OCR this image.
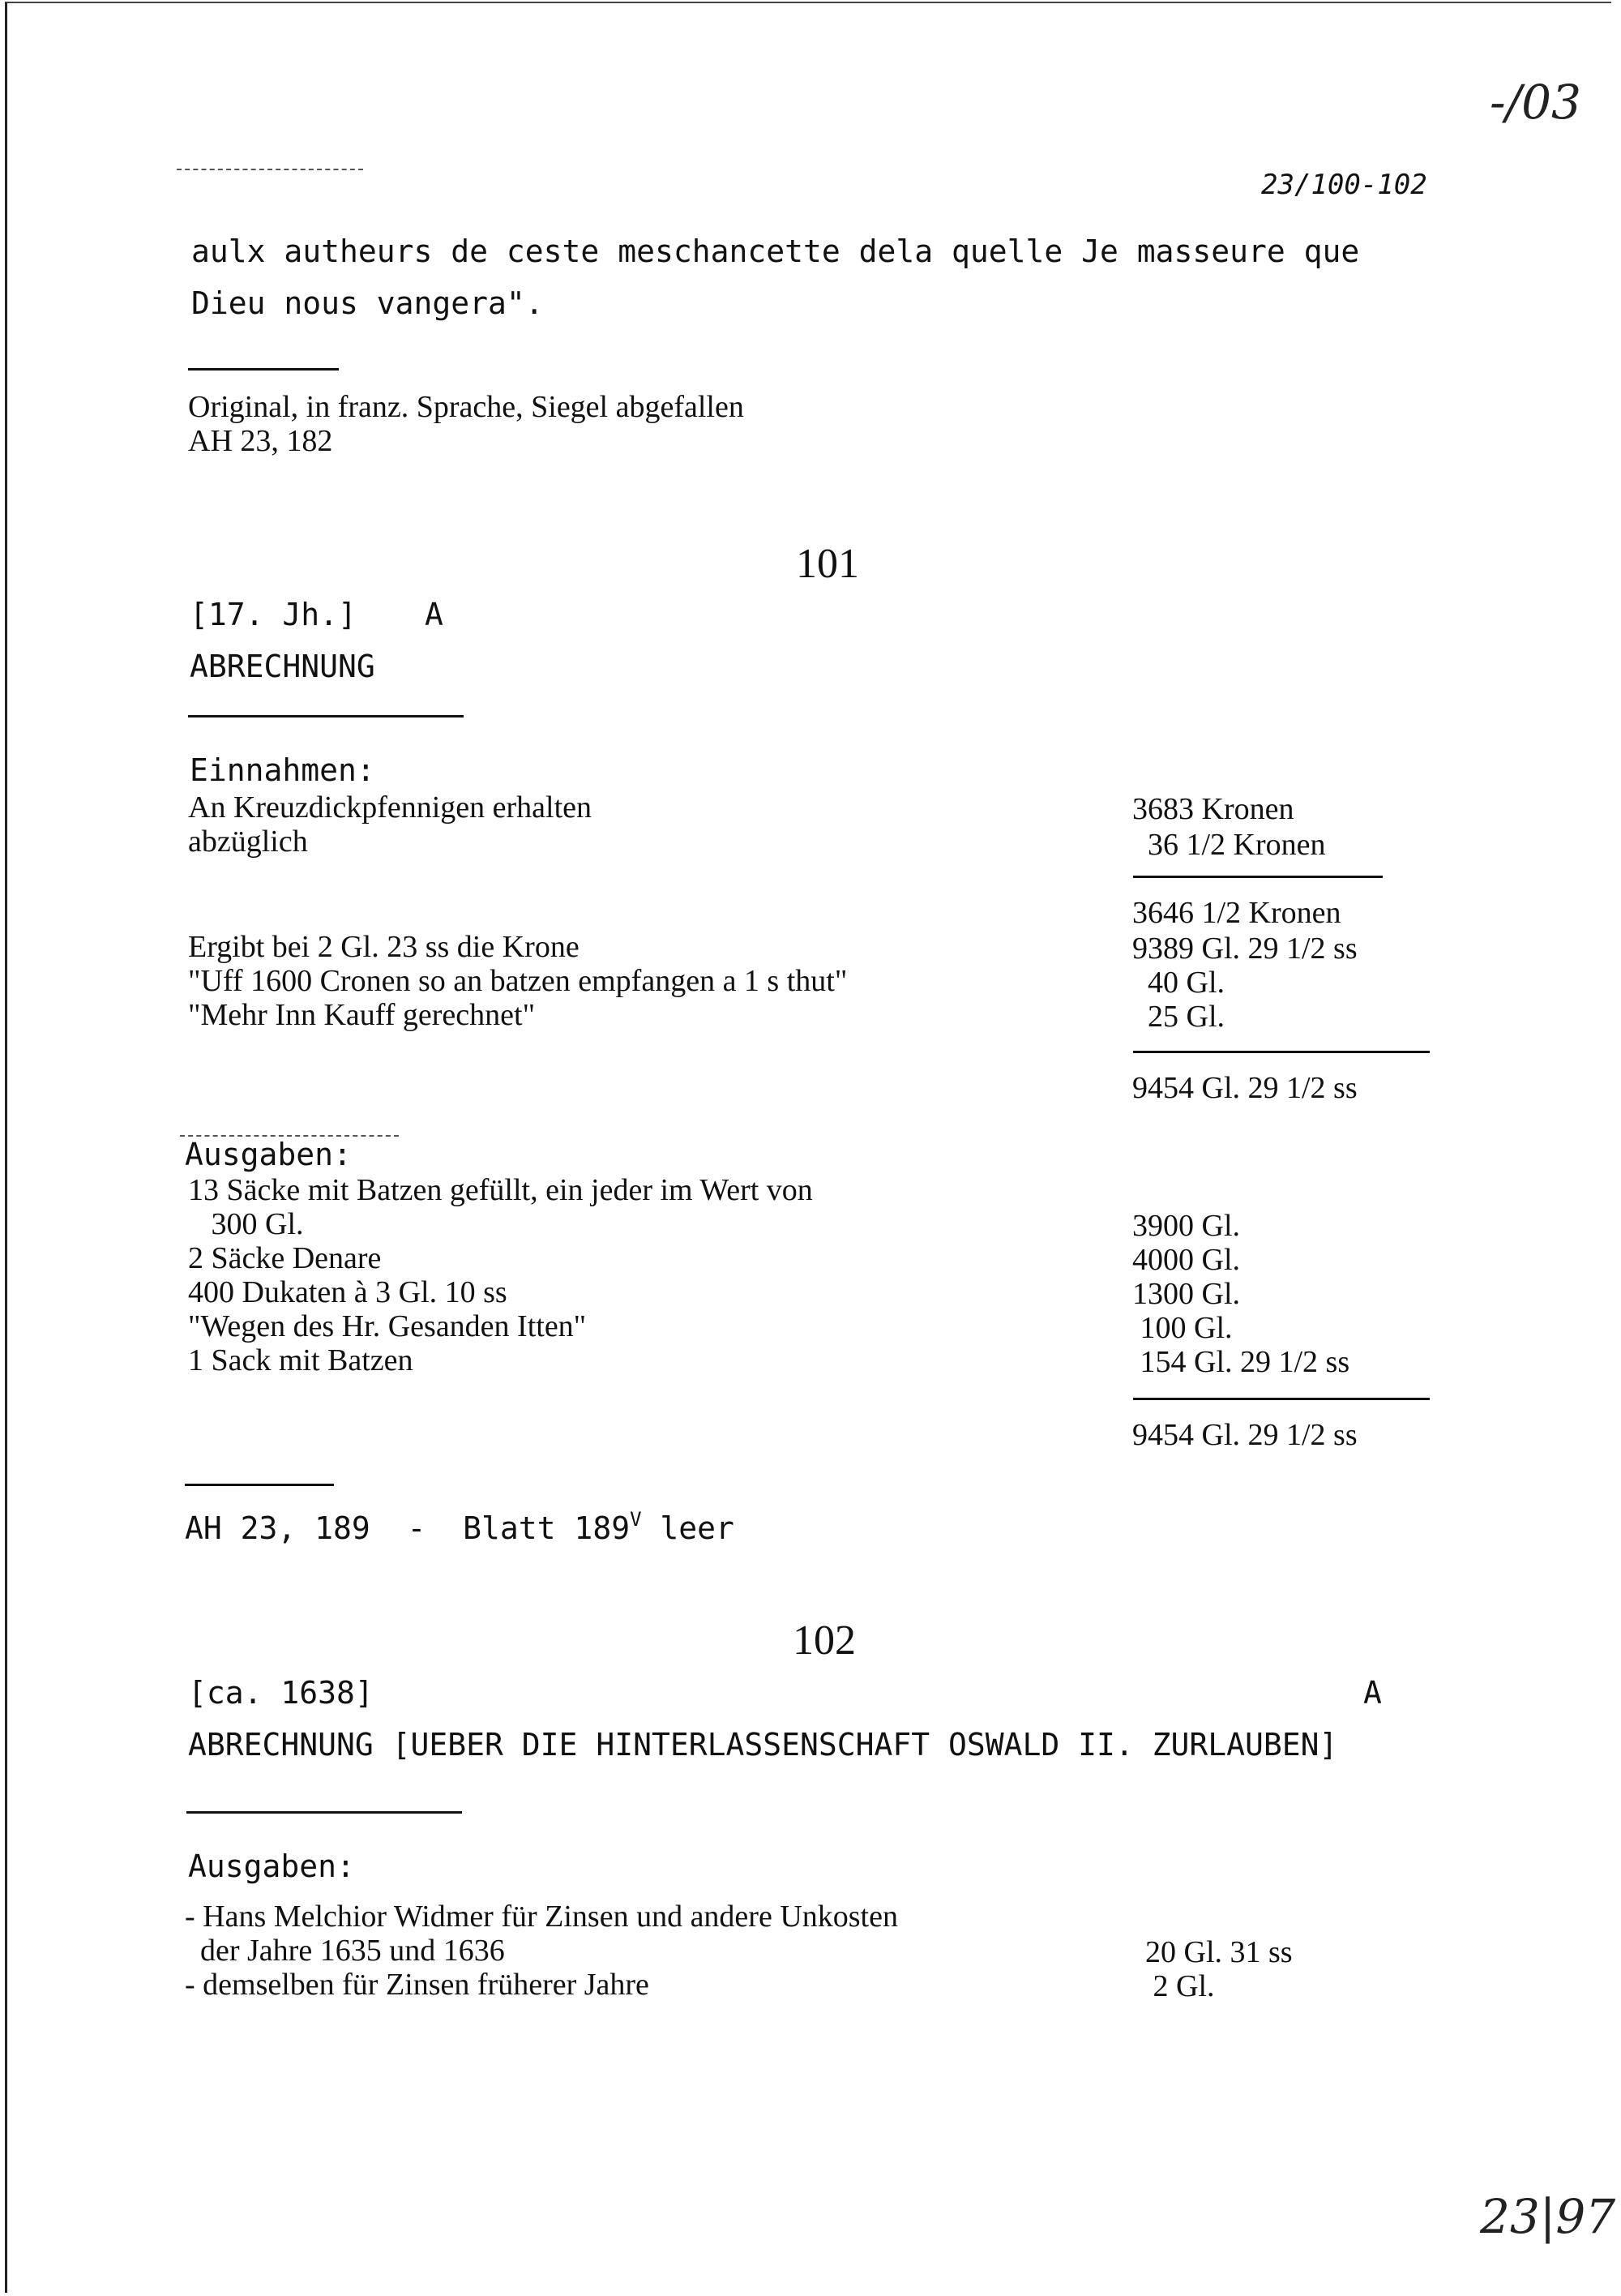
-/03
23/100-102
aulx autheurs de ceste meschancette dela quelle Je masseure que
Dieu nous vangera".
Original, in franz. Sprache, Siegel abgefallen
AH 23, 182
101
[17. Jh.] A
ABRECHNUNG
Einnahmen:
An Kreuzdickpfennigen erhalten	3683 Kronen
abzüglich	36 1/2 Kronen
3646 1/2 Kronen
Ergibt bei 2 Gl. 23 ss die Krone	9389 Gl. 29 1/2 ss
"Uff 1600 Cronen so an batzen empfangen a 1 s thut"	40 Gl.
"Mehr Inn Kauff gerechnet"	25 Gl.
9454 Gl. 29 1/2 ss
Ausgaben:
13 Säcke mit Batzen gefüllt, ein jeder im Wert von
300 Gl.	3900 Gl.
2 Säcke Denare	4000 Gl.
400 Dukaten à 3 Gl. 10 ss	1300 Gl.
"Wegen des Hr. Gesanden Itten"	100 Gl.
1 Sack mit Batzen	154 Gl. 29 1/2 ss
9454 Gl. 29 1/2 ss
AH 23, 189  -  Blatt $189^V$ leer
102
[ca. 1638]	A
ABRECHNUNG [UEBER DIE HINTERLASSENSCHAFT OSWALD II. ZURLAUBEN]
Ausgaben:
- Hans Melchior Widmer für Zinsen und andere Unkosten
der Jahre 1635 und 1636	20 Gl. 31 ss
- demselben für Zinsen früherer Jahre	2 Gl.
23|97
